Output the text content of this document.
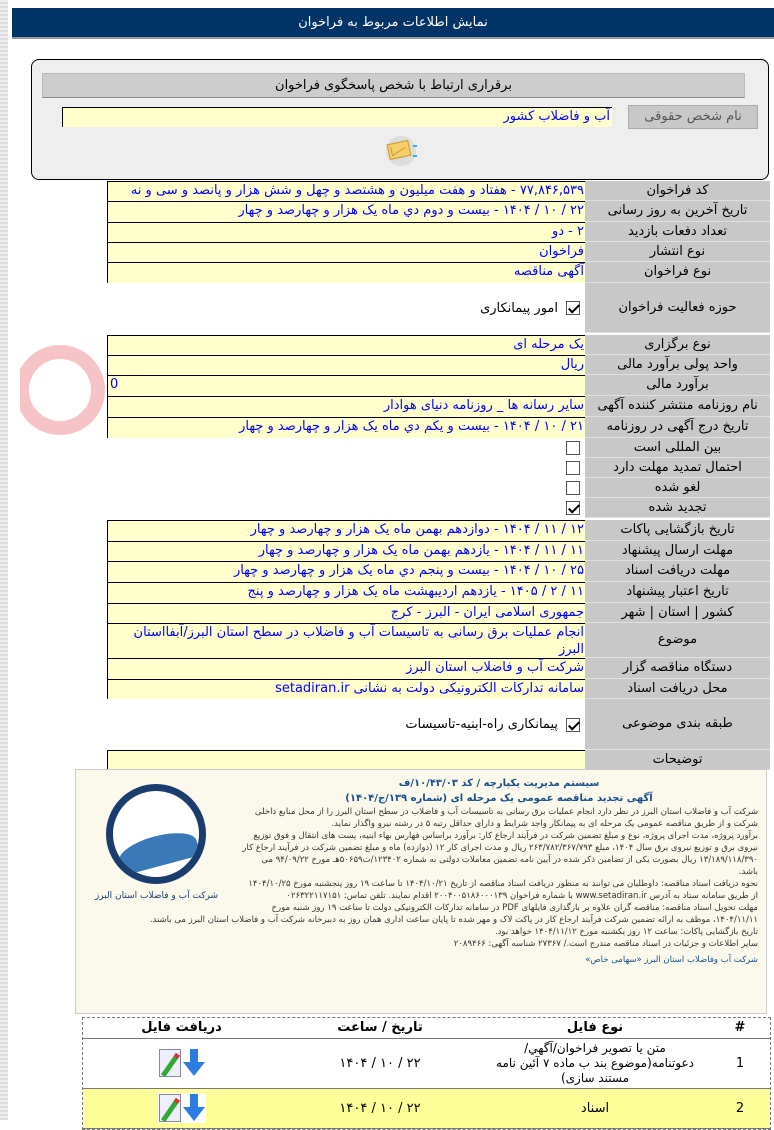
نمایش اطلاعات مربوط به فراخوان
برقراری ارتباط با شخص پاسخگوی فراخوان
نام شخص حقوقی
آب و فاضلاب کشور
کد فراخوان
۷۷,۸۴۶,۵۳۹ - هفتاد و هفت میلیون و هشتصد و چهل و شش هزار و پانصد و سی و نه
تاریخ آخرین به روز رسانی
۲۲ / ۱۰ / ۱۴۰۴ - بیست و دوم دي ماه یک هزار و چهارصد و چهار
تعداد دفعات بازدید
۲ - دو
نوع انتشار
فراخوان
نوع فراخوان
آگهی مناقصه
حوزه فعالیت فراخوان
امور پیمانکاری
نوع برگزاری
یک مرحله ای
واحد پولی برآورد مالی
ریال
برآورد مالی
0
نام روزنامه منتشر کننده آگهی
سایر رسانه ها _ روزنامه دنیای هوادار
تاریخ درج آگهی در روزنامه
۲۱ / ۱۰ / ۱۴۰۴ - بیست و یکم دي ماه یک هزار و چهارصد و چهار
بین المللی است
احتمال تمدید مهلت دارد
لغو شده
تجدید شده
تاریخ بازگشایی پاکات
۱۲ / ۱۱ / ۱۴۰۴ - دوازدهم بهمن ماه یک هزار و چهارصد و چهار
مهلت ارسال پیشنهاد
۱۱ / ۱۱ / ۱۴۰۴ - یازدهم بهمن ماه یک هزار و چهارصد و چهار
مهلت دریافت اسناد
۲۵ / ۱۰ / ۱۴۰۴ - بیست و پنجم دي ماه یک هزار و چهارصد و چهار
تاریخ اعتبار پیشنهاد
۱۱ / ۲ / ۱۴۰۵ - یازدهم اردیبهشت ماه یک هزار و چهارصد و پنج
کشور | استان | شهر
جمهوری اسلامی ایران - البرز - کرج
موضوع
انجام عملیات برق رسانی به تاسیسات آب و فاضلاب در سطح استان البرز/آبفااستان البرز
دستگاه مناقصه گزار
شرکت آب و فاضلاب استان البرز
محل دریافت اسناد
سامانه تدارکات الکترونیکی دولت به نشانی setadiran.ir
طبقه بندی موضوعی
پیمانکاری راه-ابنیه-تاسیسات
توضیحات
شرکت آب و فاضلاب استان البرز
سیستم مدیریت یکپارچه / کد ۱۰/۴۳/۰۳/ف
آگهی تجدید مناقصه عمومی یک مرحله ای (شماره ۱۳۹/ج/۱۴۰۴)
شرکت آب و فاضلاب استان البرز در نظر دارد انجام عملیات برق رسانی به تاسیسات آب و فاضلاب در سطح استان البرز را از محل منابع داخلی شرکت و از طریق مناقصه عمومی یک مرحله ای به پیمانکار واجد شرایط و دارای حداقل رتبه ۵ در رشته نیرو واگذار نماید.
برآورد پروژه، مدت اجرای پروژه، نوع و مبلغ تضمین شرکت در فرآیند ارجاع کار: برآورد براساس فهارس بهاء ابنیه، پست های انتقال و فوق توزیع نیروی برق و توزیع نیروی برق سال ۱۴۰۴، مبلغ ۲۶۳/۷۸۲/۳۶۷/۷۹۳ ریال و مدت اجرای کار ۱۲ (دوازده) ماه و مبلغ تضمین شرکت در فرآیند ارجاع کار ۱۳/۱۸۹/۱۱۸/۳۹۰ ریال بصورت یکی از تضامین ذکر شده در آیین نامه تضمین معاملات دولتی به شماره ۱۲۳۴۰۲/ت۵۰۶۵۹هـ مورخ ۹۴/۰۹/۲۲ می باشد.
نحوه دریافت اسناد مناقصه: داوطلبان می توانند به منظور دریافت اسناد مناقصه از تاریخ ۱۴۰۴/۱۰/۲۱ تا ساعت ۱۹ روز پنجشنبه مورخ ۱۴۰۴/۱۰/۲۵ از طریق سامانه ستاد به آدرس www.setadiran.ir با شماره فراخوان ۲۰۰۴۰۰۵۱۸۶۰۰۰۱۳۹ اقدام نمایند. تلفن تماس: ۰۲۶۳۲۲۱۱۷۱۵۱
مهلت تحویل اسناد مناقصه: مناقصه گران علاوه بر بارگذاری فایلهای PDF در سامانه تدارکات الکترونیکی دولت تا ساعت ۱۹ روز شنبه مورخ ۱۴۰۴/۱۱/۱۱، موظف به ارائه تضمین شرکت فرآیند ارجاع کار در پاکت لاک و مهر شده تا پایان ساعت اداری همان روز به دبیرخانه شرکت آب و فاضلاب استان البرز می باشند.
تاریخ بازگشایی پاکات: ساعت ۱۲ روز یکشنبه مورخ ۱۴۰۴/۱۱/۱۲ خواهد بود.
سایر اطلاعات و جزئیات در اسناد مناقصه مندرج است./ ۲۷۳۶۷ شناسه آگهی: ۲۰۸۹۴۶۶
شرکت آب وفاضلاب استان البرز «سهامی خاص»
#	نوع فایل	تاریخ / ساعت	دریافت فایل
1	متن یا تصویر فراخوان/آگهي/دعوتنامه(موضوع بند ب ماده ۷ آئین نامه مستند سازی)	۲۲ / ۱۰ / ۱۴۰۴	

2	اسناد	۲۲ / ۱۰ / ۱۴۰۴	
